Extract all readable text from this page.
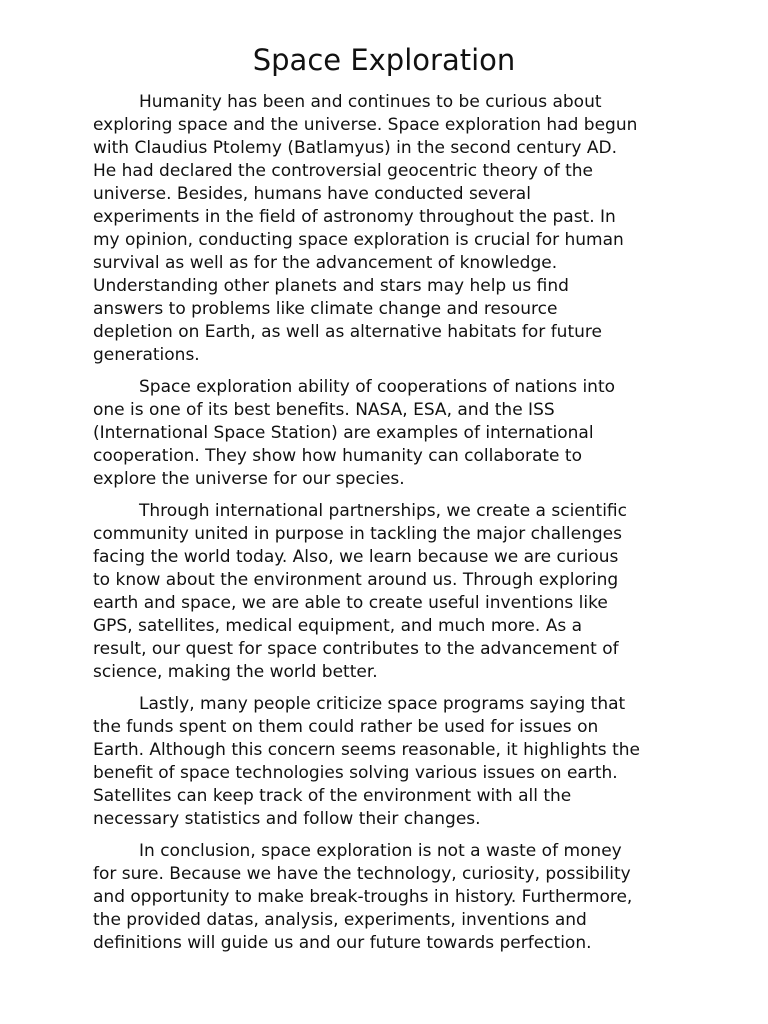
Space Exploration

Humanity has been and continues to be curious about
exploring space and the universe. Space exploration had begun
with Claudius Ptolemy (Batlamyus) in the second century AD.
He had declared the controversial geocentric theory of the
universe. Besides, humans have conducted several
experiments in the field of astronomy throughout the past. In
my opinion, conducting space exploration is crucial for human
survival as well as for the advancement of knowledge.
Understanding other planets and stars may help us find
answers to problems like climate change and resource
depletion on Earth, as well as alternative habitats for future
generations.

Space exploration ability of cooperations of nations into
one is one of its best benefits. NASA, ESA, and the ISS
(International Space Station) are examples of international
cooperation. They show how humanity can collaborate to
explore the universe for our species.

Through international partnerships, we create a scientific
community united in purpose in tackling the major challenges
facing the world today. Also, we learn because we are curious
to know about the environment around us. Through exploring
earth and space, we are able to create useful inventions like
GPS, satellites, medical equipment, and much more. As a
result, our quest for space contributes to the advancement of
science, making the world better.

Lastly, many people criticize space programs saying that
the funds spent on them could rather be used for issues on
Earth. Although this concern seems reasonable, it highlights the
benefit of space technologies solving various issues on earth.
Satellites can keep track of the environment with all the
necessary statistics and follow their changes.

In conclusion, space exploration is not a waste of money
for sure. Because we have the technology, curiosity, possibility
and opportunity to make break-troughs in history. Furthermore,
the provided datas, analysis, experiments, inventions and
definitions will guide us and our future towards perfection.
